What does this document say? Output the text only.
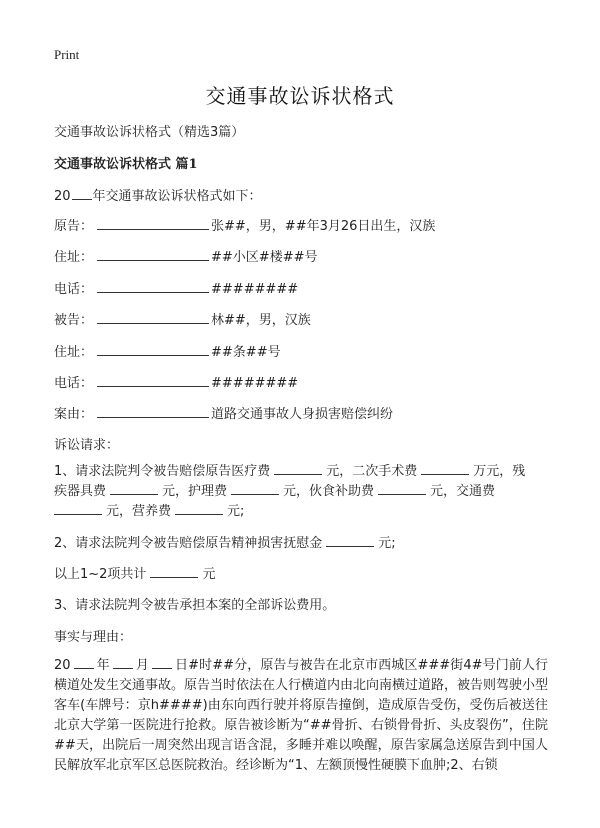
Print
交通事故讼诉状格式
交通事故讼诉状格式（精选3篇）
交通事故讼诉状格式 篇1
20 年交通事故讼诉状格式如下：
原告：	张##，男，##年3月26日出生，汉族
住址：	##小区#楼##号
电话：	########
被告：	林##，男，汉族
住址：	##条##号
电话：	########
案由：	道路交通事故人身损害赔偿纠纷
诉讼请求：
1、请求法院判令被告赔偿原告医疗费	元，二次手术费	万元，残
疾器具费	元，护理费	元，伙食补助费	元，交通费
元，营养费	元;
2、请求法院判令被告赔偿原告精神损害抚慰金	元;
以上1~2项共计	元
3、请求法院判令被告承担本案的全部诉讼费用。
事实与理由：
20 年 月 日#时##分，原告与被告在北京市西城区###街4#号门前人行横道处发生交通事故。原告当时依法在人行横道内由北向南横过道路，被告则驾驶小型客车(车牌号：京h####)由东向西行驶并将原告撞倒，造成原告受伤，受伤后被送往北京大学第一医院进行抢救。原告被诊断为“##骨折、右锁骨骨折、头皮裂伤”，住院##天，出院后一周突然出现言语含混，多睡并难以唤醒，原告家属急送原告到中国人民解放军北京军区总医院救治。经诊断为“1、左额顶慢性硬膜下血肿;2、右锁
